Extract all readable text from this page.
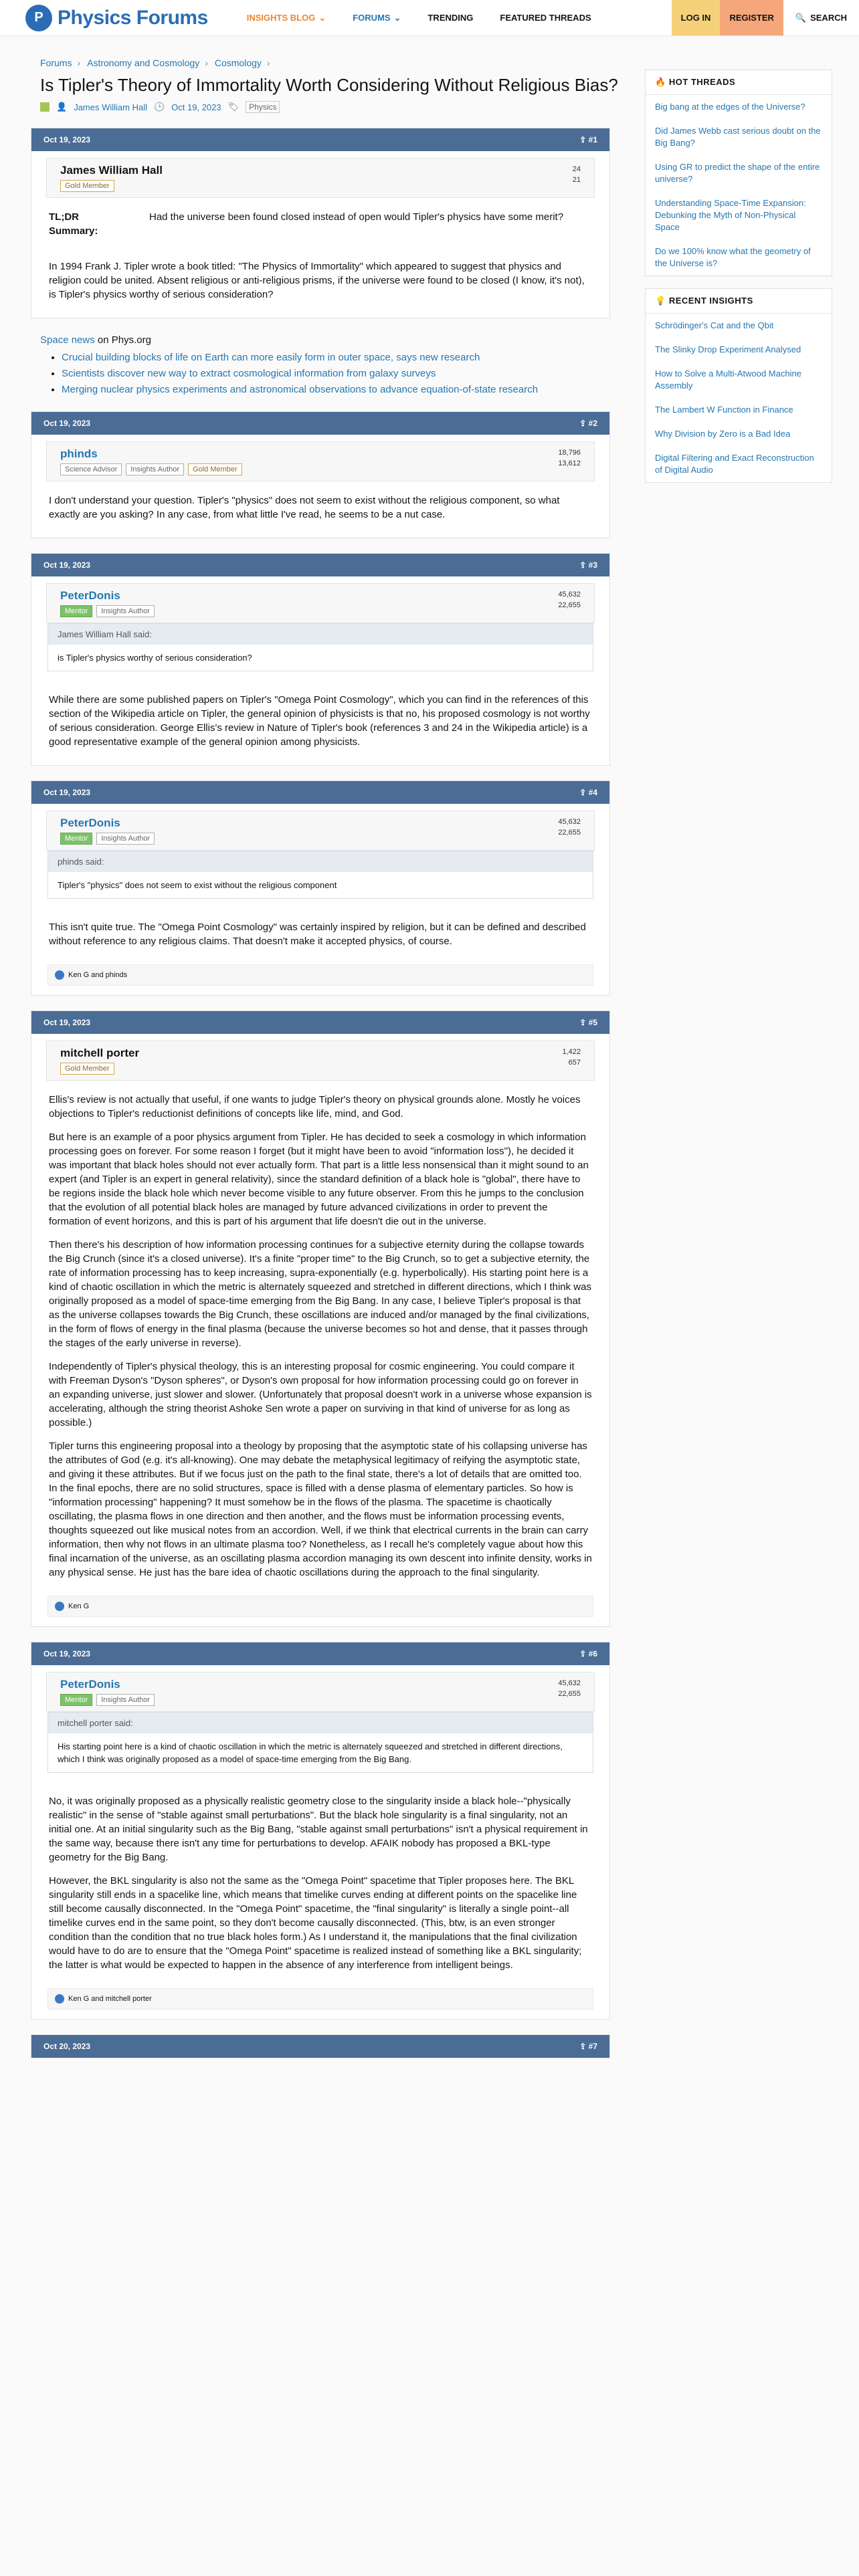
P Physics Forums	INSIGHTS BLOG ⌄	FORUMS ⌄	TRENDING	FEATURED THREADS	LOG IN	REGISTER	🔍 SEARCH
Forums › Astronomy and Cosmology › Cosmology ›
Is Tipler's Theory of Immortality Worth Considering Without Religious Bias?
👤 James William Hall 🕒 Oct 19, 2023 🏷	Physics
Oct 19, 2023	⇪ #1
James William Hall
Gold Member
24
21
TL;DR Summary:
Had the universe been found closed instead of open would Tipler's physics have some merit?

In 1994 Frank J. Tipler wrote a book titled: "The Physics of Immortality" which appeared to suggest that physics and religion could be united. Absent religious or anti-religious prisms, if the universe were found to be closed (I know, it's not), is Tipler's physics worthy of serious consideration?

Space news on Phys.org
• Crucial building blocks of life on Earth can more easily form in outer space, says new research
• Scientists discover new way to extract cosmological information from galaxy surveys
• Merging nuclear physics experiments and astronomical observations to advance equation-of-state research
Oct 19, 2023	⇪ #2
phinds
Science Advisor	Insights Author	Gold Member
18,796
13,612

I don't understand your question. Tipler's "physics" does not seem to exist without the religious component, so what exactly are you asking? In any case, from what little I've read, he seems to be a nut case.

Oct 19, 2023	⇪ #3
PeterDonis
Mentor	Insights Author
45,632
22,655
James William Hall said:
is Tipler's physics worthy of serious consideration?

While there are some published papers on Tipler's "Omega Point Cosmology", which you can find in the references of this section of the Wikipedia article on Tipler, the general opinion of physicists is that no, his proposed cosmology is not worthy of serious consideration. George Ellis's review in Nature of Tipler's book (references 3 and 24 in the Wikipedia article) is a good representative example of the general opinion among physicists.

Oct 19, 2023	⇪ #4
PeterDonis
Mentor	Insights Author
45,632
22,655
phinds said:
Tipler's "physics" does not seem to exist without the religious component

This isn't quite true. The "Omega Point Cosmology" was certainly inspired by religion, but it can be defined and described without reference to any religious claims. That doesn't make it accepted physics, of course.

Ken G and phinds
Oct 19, 2023	⇪ #5
mitchell porter
Gold Member
1,422
657

Ellis's review is not actually that useful, if one wants to judge Tipler's theory on physical grounds alone. Mostly he voices objections to Tipler's reductionist definitions of concepts like life, mind, and God.

But here is an example of a poor physics argument from Tipler. He has decided to seek a cosmology in which information processing goes on forever. For some reason I forget (but it might have been to avoid "information loss"), he decided it was important that black holes should not ever actually form. That part is a little less nonsensical than it might sound to an expert (and Tipler is an expert in general relativity), since the standard definition of a black hole is "global", there have to be regions inside the black hole which never become visible to any future observer. From this he jumps to the conclusion that the evolution of all potential black holes are managed by future advanced civilizations in order to prevent the formation of event horizons, and this is part of his argument that life doesn't die out in the universe.

Then there's his description of how information processing continues for a subjective eternity during the collapse towards the Big Crunch (since it's a closed universe). It's a finite "proper time" to the Big Crunch, so to get a subjective eternity, the rate of information processing has to keep increasing, supra-exponentially (e.g. hyperbolically). His starting point here is a kind of chaotic oscillation in which the metric is alternately squeezed and stretched in different directions, which I think was originally proposed as a model of space-time emerging from the Big Bang. In any case, I believe Tipler's proposal is that as the universe collapses towards the Big Crunch, these oscillations are induced and/or managed by the final civilizations, in the form of flows of energy in the final plasma (because the universe becomes so hot and dense, that it passes through the stages of the early universe in reverse).

Independently of Tipler's physical theology, this is an interesting proposal for cosmic engineering. You could compare it with Freeman Dyson's "Dyson spheres", or Dyson's own proposal for how information processing could go on forever in an expanding universe, just slower and slower. (Unfortunately that proposal doesn't work in a universe whose expansion is accelerating, although the string theorist Ashoke Sen wrote a paper on surviving in that kind of universe for as long as possible.)

Tipler turns this engineering proposal into a theology by proposing that the asymptotic state of his collapsing universe has the attributes of God (e.g. it's all-knowing). One may debate the metaphysical legitimacy of reifying the asymptotic state, and giving it these attributes. But if we focus just on the path to the final state, there's a lot of details that are omitted too. In the final epochs, there are no solid structures, space is filled with a dense plasma of elementary particles. So how is "information processing" happening? It must somehow be in the flows of the plasma. The spacetime is chaotically oscillating, the plasma flows in one direction and then another, and the flows must be information processing events, thoughts squeezed out like musical notes from an accordion. Well, if we think that electrical currents in the brain can carry information, then why not flows in an ultimate plasma too? Nonetheless, as I recall he's completely vague about how this final incarnation of the universe, as an oscillating plasma accordion managing its own descent into infinite density, works in any physical sense. He just has the bare idea of chaotic oscillations during the approach to the final singularity.

Ken G
Oct 19, 2023	⇪ #6
PeterDonis
Mentor	Insights Author
45,632
22,655
mitchell porter said:
His starting point here is a kind of chaotic oscillation in which the metric is alternately squeezed and stretched in different directions, which I think was originally proposed as a model of space-time emerging from the Big Bang.

No, it was originally proposed as a physically realistic geometry close to the singularity inside a black hole--"physically realistic" in the sense of "stable against small perturbations". But the black hole singularity is a final singularity, not an initial one. At an initial singularity such as the Big Bang, "stable against small perturbations" isn't a physical requirement in the same way, because there isn't any time for perturbations to develop. AFAIK nobody has proposed a BKL-type geometry for the Big Bang.

However, the BKL singularity is also not the same as the "Omega Point" spacetime that Tipler proposes here. The BKL singularity still ends in a spacelike line, which means that timelike curves ending at different points on the spacelike line still become causally disconnected. In the "Omega Point" spacetime, the "final singularity" is literally a single point--all timelike curves end in the same point, so they don't become causally disconnected. (This, btw, is an even stronger condition than the condition that no true black holes form.) As I understand it, the manipulations that the final civilization would have to do are to ensure that the "Omega Point" spacetime is realized instead of something like a BKL singularity; the latter is what would be expected to happen in the absence of any interference from intelligent beings.

Ken G and mitchell porter
Oct 20, 2023	⇪ #7
🔥 HOT THREADS
Big bang at the edges of the Universe?
Did James Webb cast serious doubt on the Big Bang?
Using GR to predict the shape of the entire universe?
Understanding Space-Time Expansion: Debunking the Myth of Non-Physical Space
Do we 100% know what the geometry of the Universe is?
💡 RECENT INSIGHTS
Schrödinger's Cat and the Qbit
The Slinky Drop Experiment Analysed
How to Solve a Multi-Atwood Machine Assembly
The Lambert W Function in Finance
Why Division by Zero is a Bad Idea
Digital Filtering and Exact Reconstruction of Digital Audio
